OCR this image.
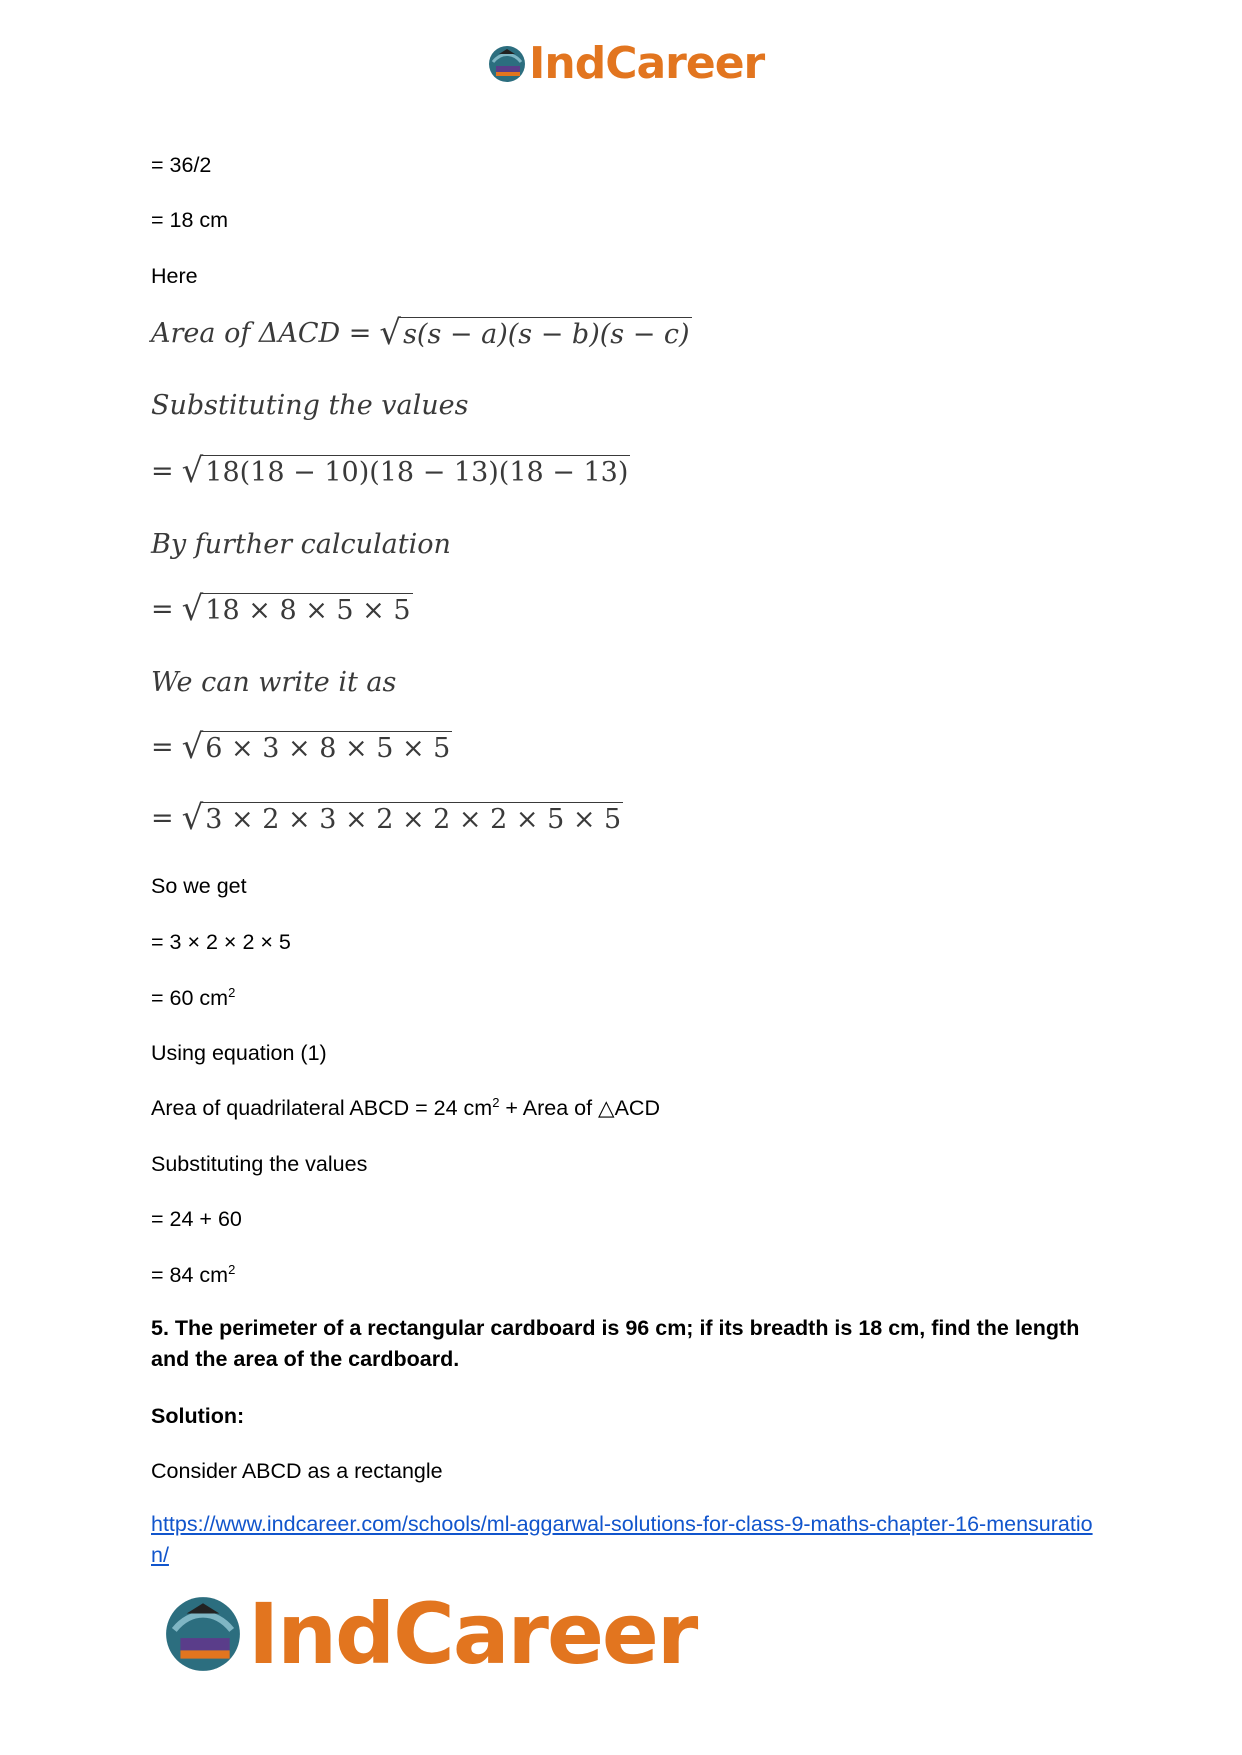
IndCareer
= 36/2
= 18 cm
Here
Area of ΔACD = √ s(s − a)(s − b)(s − c)
Substituting the values
= √ 18(18 − 10)(18 − 13)(18 − 13)
By further calculation
= √ 18 × 8 × 5 × 5
We can write it as
= √ 6 × 3 × 8 × 5 × 5
= √ 3 × 2 × 3 × 2 × 2 × 2 × 5 × 5
So we get
= 3 × 2 × 2 × 5
= 60 $cm^2$
Using equation (1)
Area of quadrilateral ABCD = 24 $cm^2$ + Area of △ACD
Substituting the values
= 24 + 60
= 84 $cm^2$
5. The perimeter of a rectangular cardboard is 96 cm; if its breadth is 18 cm, find the length and the area of the cardboard.
Solution:
Consider ABCD as a rectangle
https://www.indcareer.com/schools/ml-aggarwal-solutions-for-class-9-maths-chapter-16-mensuration/
IndCareer
